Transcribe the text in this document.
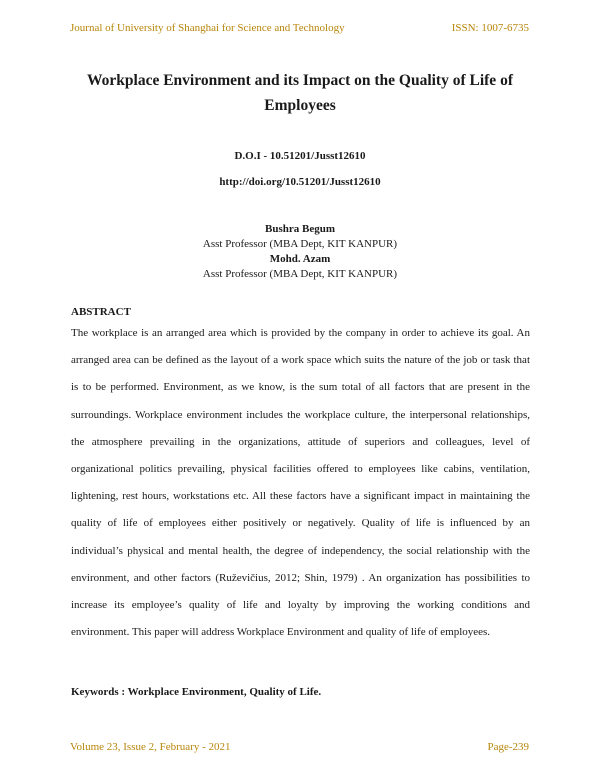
Journal of University of Shanghai for Science and Technology	ISSN: 1007-6735
Workplace Environment and its Impact on the Quality of Life of Employees
D.O.I - 10.51201/Jusst12610
http://doi.org/10.51201/Jusst12610
Bushra Begum
Asst Professor (MBA Dept, KIT KANPUR)
Mohd. Azam
Asst Professor (MBA Dept, KIT KANPUR)
ABSTRACT

The workplace is an arranged area which is provided by the company in order to achieve its goal. An arranged area can be defined as the layout of a work space which suits the nature of the job or task that is to be performed. Environment, as we know, is the sum total of all factors that are present in the surroundings. Workplace environment includes the workplace culture, the interpersonal relationships, the atmosphere prevailing in the organizations, attitude of superiors and colleagues, level of organizational politics prevailing, physical facilities offered to employees like cabins, ventilation, lightening, rest hours, workstations etc. All these factors have a significant impact in maintaining the quality of life of employees either positively or negatively. Quality of life is influenced by an individual’s physical and mental health, the degree of independency, the social relationship with the environment, and other factors (Ruževičius, 2012; Shin, 1979) . An organization has possibilities to increase its employee’s quality of life and loyalty by improving the working conditions and environment. This paper will address Workplace Environment and quality of life of employees.

Keywords : Workplace Environment, Quality of Life.
Volume 23, Issue 2, February - 2021	Page-239
